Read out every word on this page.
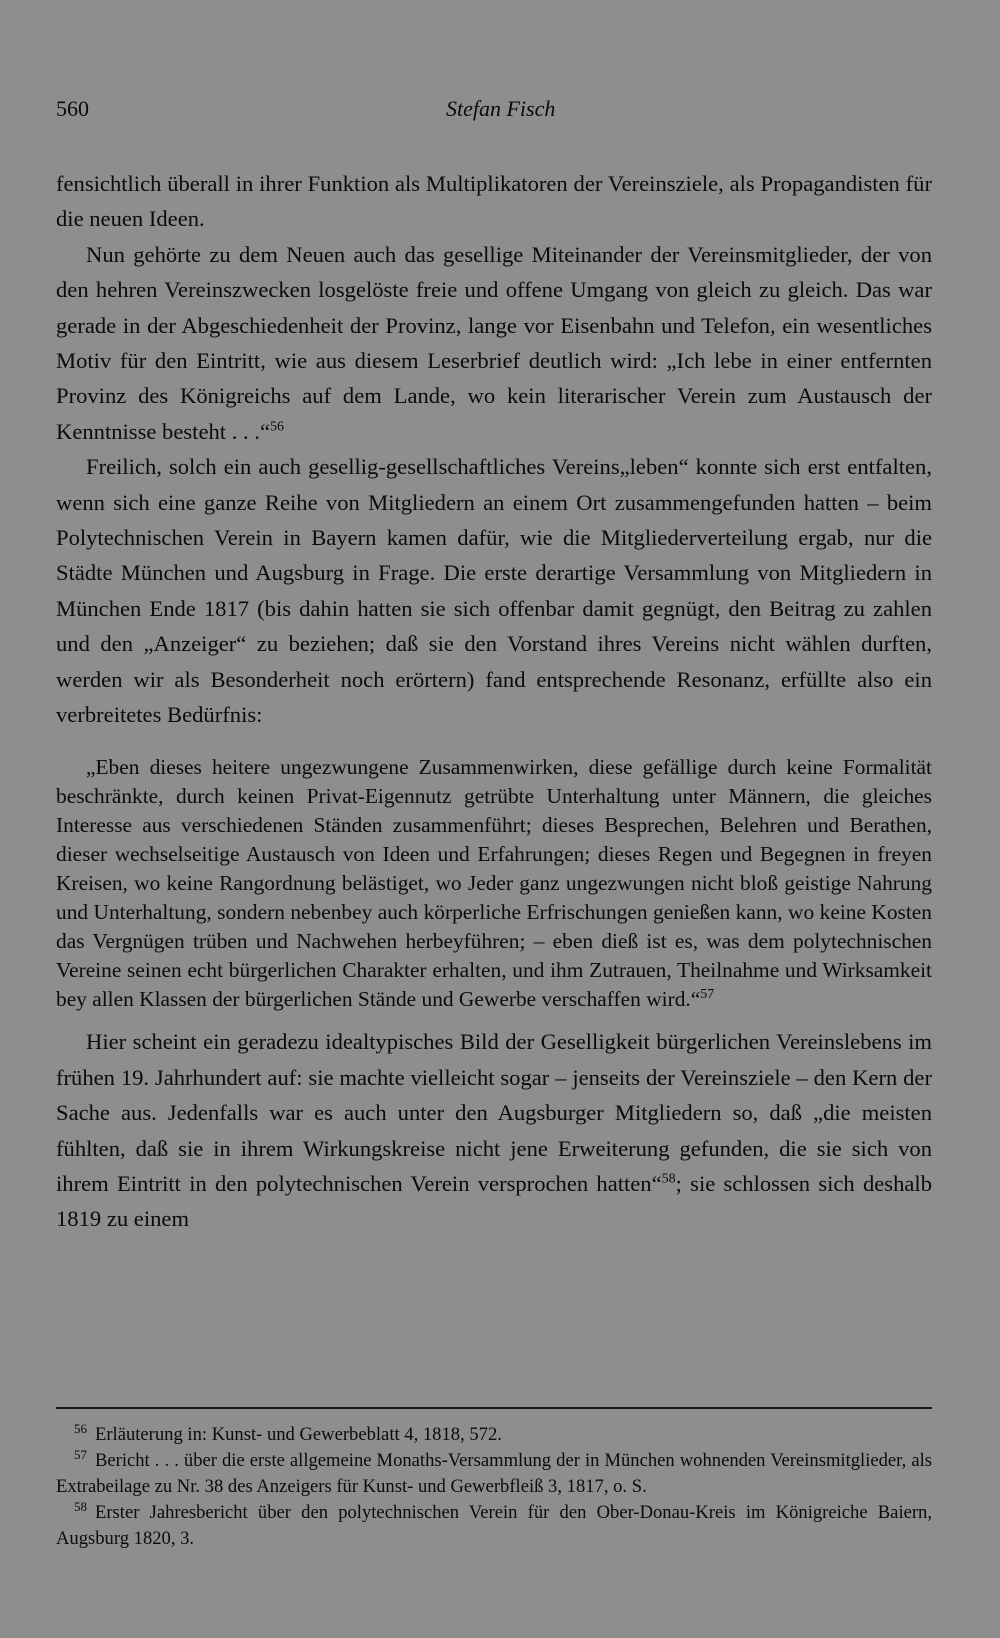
560	Stefan Fisch

fensichtlich überall in ihrer Funktion als Multiplikatoren der Vereinsziele, als Propagandisten für die neuen Ideen.

Nun gehörte zu dem Neuen auch das gesellige Miteinander der Vereinsmitglieder, der von den hehren Vereinszwecken losgelöste freie und offene Umgang von gleich zu gleich. Das war gerade in der Abgeschiedenheit der Provinz, lange vor Eisenbahn und Telefon, ein wesentliches Motiv für den Eintritt, wie aus diesem Leserbrief deutlich wird: „Ich lebe in einer entfernten Provinz des Königreichs auf dem Lande, wo kein literarischer Verein zum Austausch der Kenntnisse besteht . . .“$^{56}$

Freilich, solch ein auch gesellig-gesellschaftliches Vereins„leben“ konnte sich erst entfalten, wenn sich eine ganze Reihe von Mitgliedern an einem Ort zusammengefunden hatten – beim Polytechnischen Verein in Bayern kamen dafür, wie die Mitgliederverteilung ergab, nur die Städte München und Augsburg in Frage. Die erste derartige Versammlung von Mitgliedern in München Ende 1817 (bis dahin hatten sie sich offenbar damit gegnügt, den Beitrag zu zahlen und den „Anzeiger“ zu beziehen; daß sie den Vorstand ihres Vereins nicht wählen durften, werden wir als Besonderheit noch erörtern) fand entsprechende Resonanz, erfüllte also ein verbreitetes Bedürfnis:

„Eben dieses heitere ungezwungene Zusammenwirken, diese gefällige durch keine Formalität beschränkte, durch keinen Privat-Eigennutz getrübte Unterhaltung unter Männern, die gleiches Interesse aus verschiedenen Ständen zusammenführt; dieses Besprechen, Belehren und Berathen, dieser wechselseitige Austausch von Ideen und Erfahrungen; dieses Regen und Begegnen in freyen Kreisen, wo keine Rangordnung belästiget, wo Jeder ganz ungezwungen nicht bloß geistige Nahrung und Unterhaltung, sondern nebenbey auch körperliche Erfrischungen genießen kann, wo keine Kosten das Vergnügen trüben und Nachwehen herbeyführen; – eben dieß ist es, was dem polytechnischen Vereine seinen echt bürgerlichen Charakter erhalten, und ihm Zutrauen, Theilnahme und Wirksamkeit bey allen Klassen der bürgerlichen Stände und Gewerbe verschaffen wird.“$^{57}$

Hier scheint ein geradezu idealtypisches Bild der Geselligkeit bürgerlichen Vereinslebens im frühen 19. Jahrhundert auf: sie machte vielleicht sogar – jenseits der Vereinsziele – den Kern der Sache aus. Jedenfalls war es auch unter den Augsburger Mitgliedern so, daß „die meisten fühlten, daß sie in ihrem Wirkungskreise nicht jene Erweiterung gefunden, die sie sich von ihrem Eintritt in den polytechnischen Verein versprochen hatten“$^{58}$; sie schlossen sich deshalb 1819 zu einem

$^{56}$ Erläuterung in: Kunst- und Gewerbeblatt 4, 1818, 572.

$^{57}$ Bericht . . . über die erste allgemeine Monaths-Versammlung der in München wohnenden Vereinsmitglieder, als Extrabeilage zu Nr. 38 des Anzeigers für Kunst- und Gewerbfleiß 3, 1817, o. S.

$^{58}$ Erster Jahresbericht über den polytechnischen Verein für den Ober-Donau-Kreis im Königreiche Baiern, Augsburg 1820, 3.
